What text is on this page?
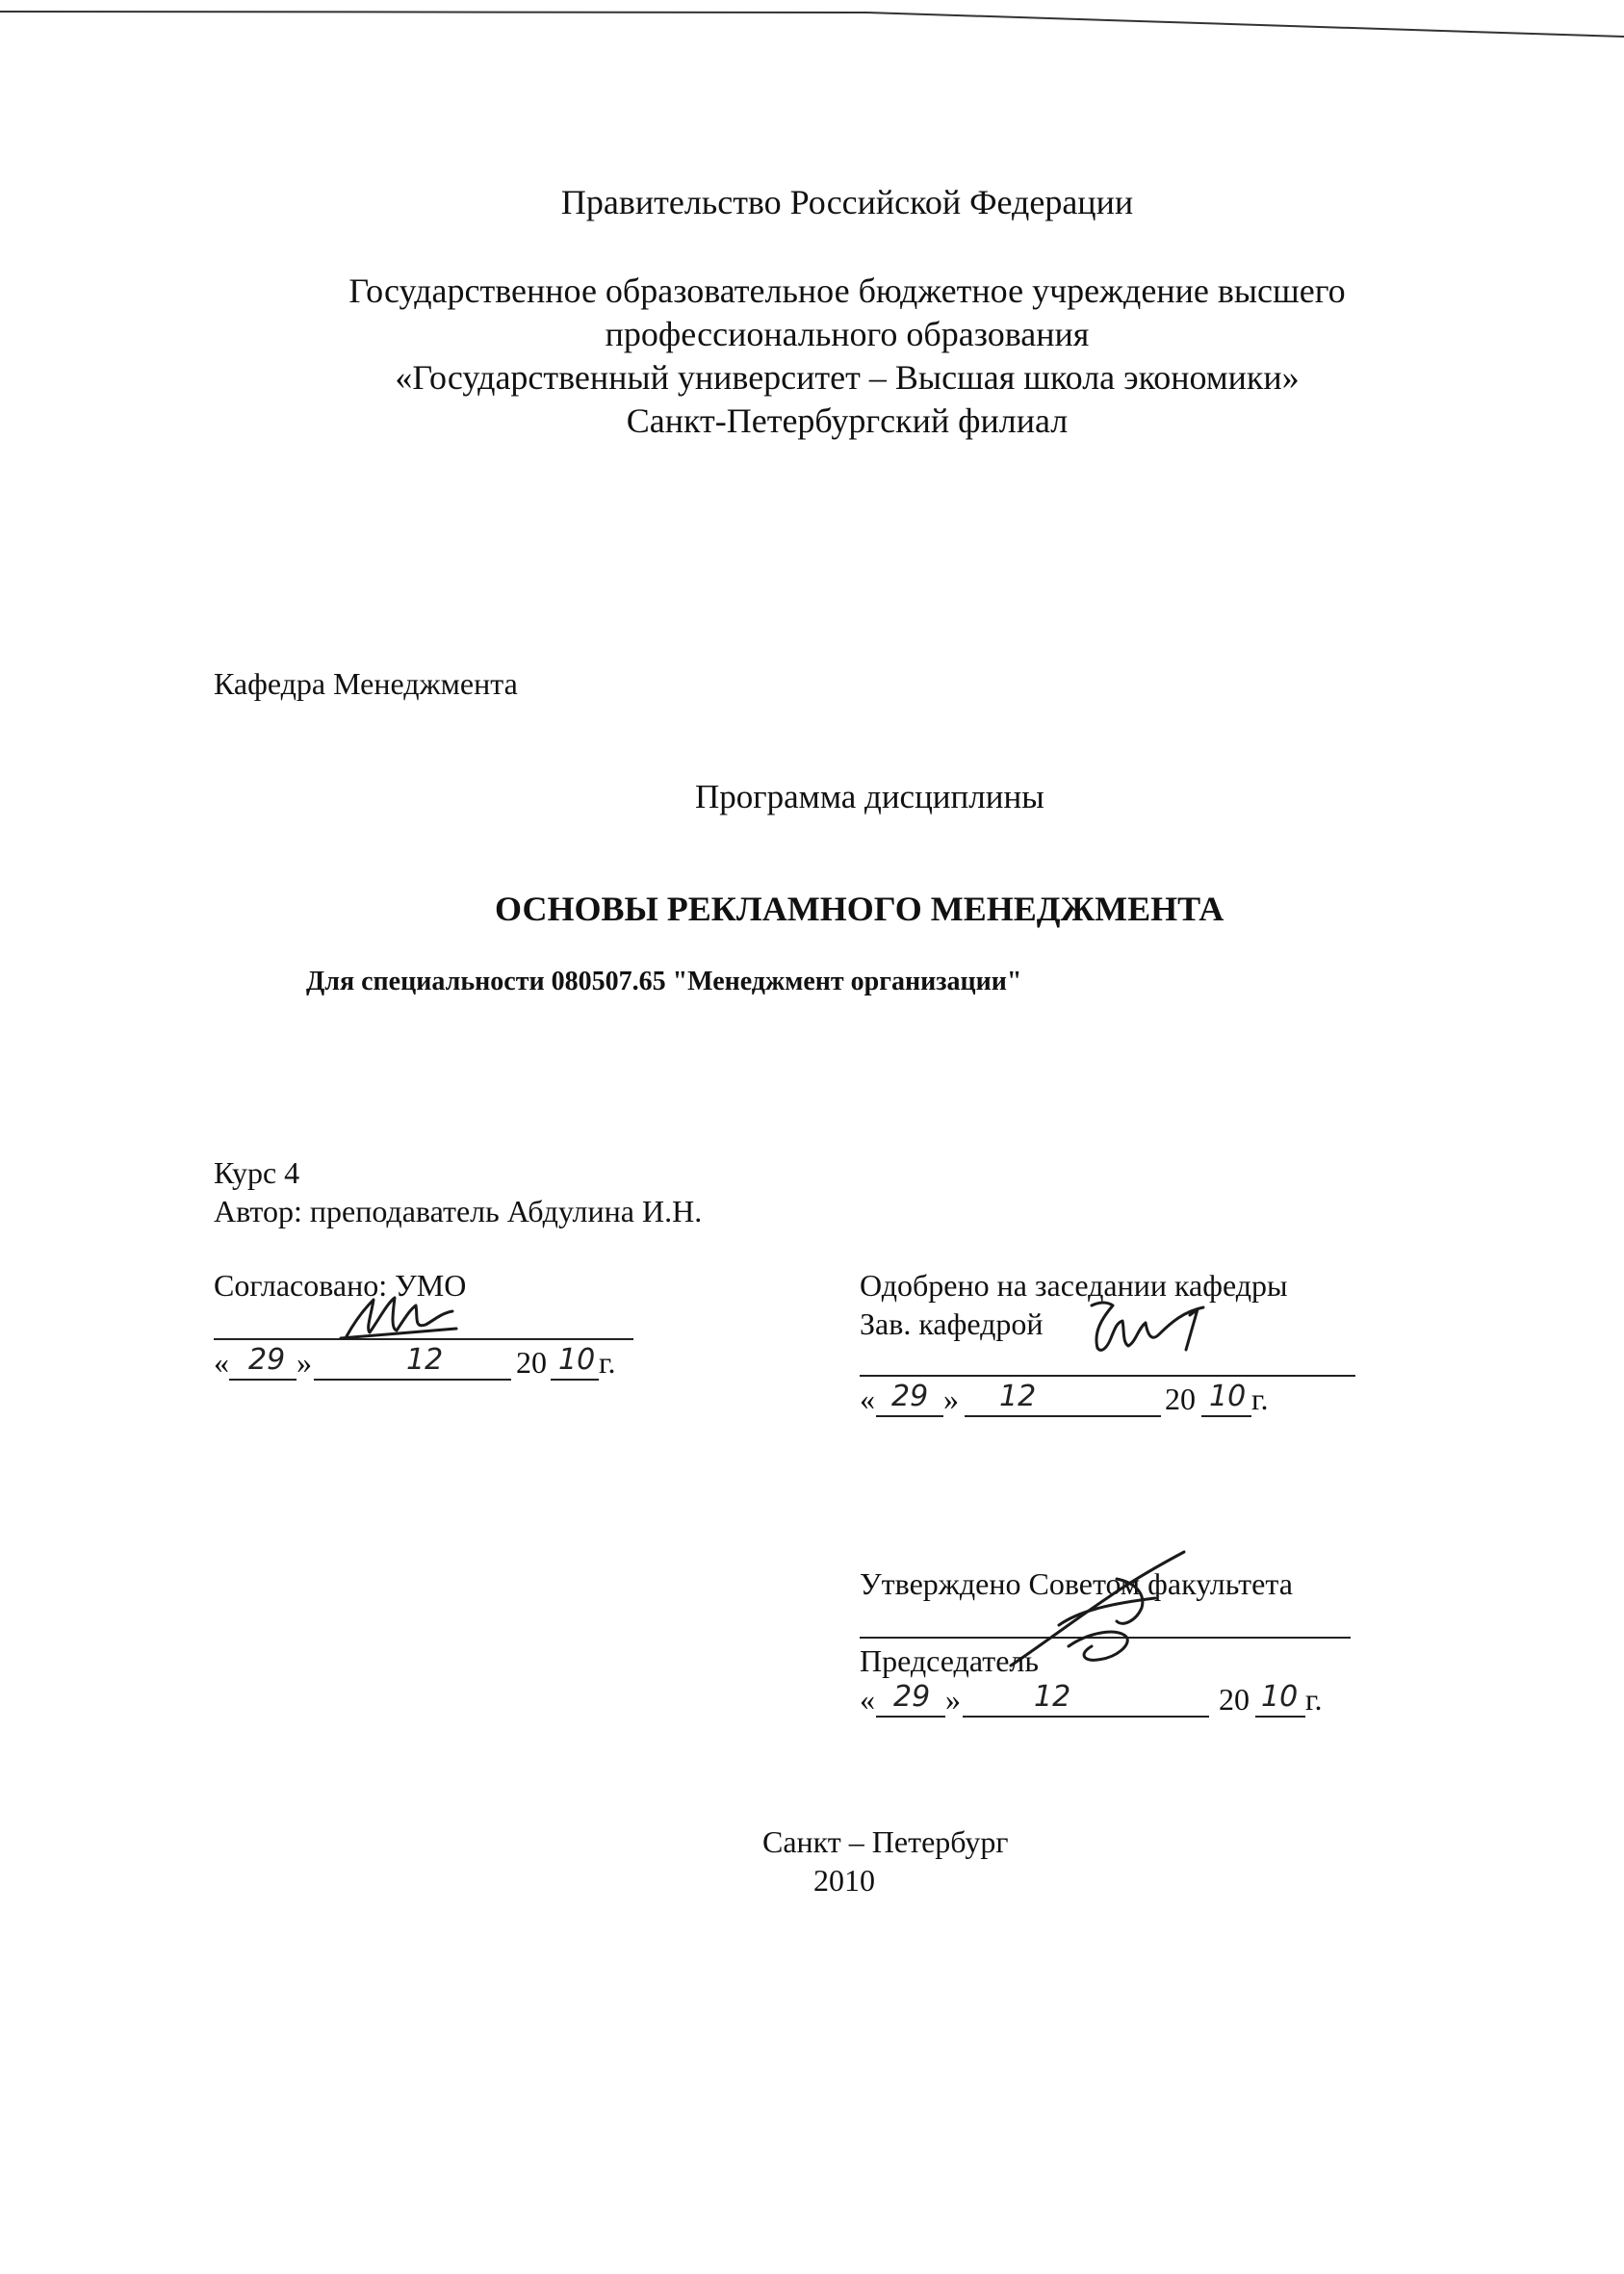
Правительство Российской Федерации
Государственное образовательное бюджетное учреждение высшего
профессионального образования
«Государственный университет – Высшая школа экономики»
Санкт-Петербургский филиал
Кафедра Менеджмента
Программа дисциплины
ОСНОВЫ РЕКЛАМНОГО МЕНЕДЖМЕНТА
Для специальности 080507.65 "Менеджмент организации"
Курс 4
Автор: преподаватель Абдулина И.Н.
Согласовано: УМО
« 29 »	12 20 10 г.
Одобрено на заседании кафедры
Зав. кафедрой
« 29 » 12	20 10 г.
Утверждено Советом факультета
Председатель
« 29 »	12	20 10 г.
Санкт – Петербург
2010
